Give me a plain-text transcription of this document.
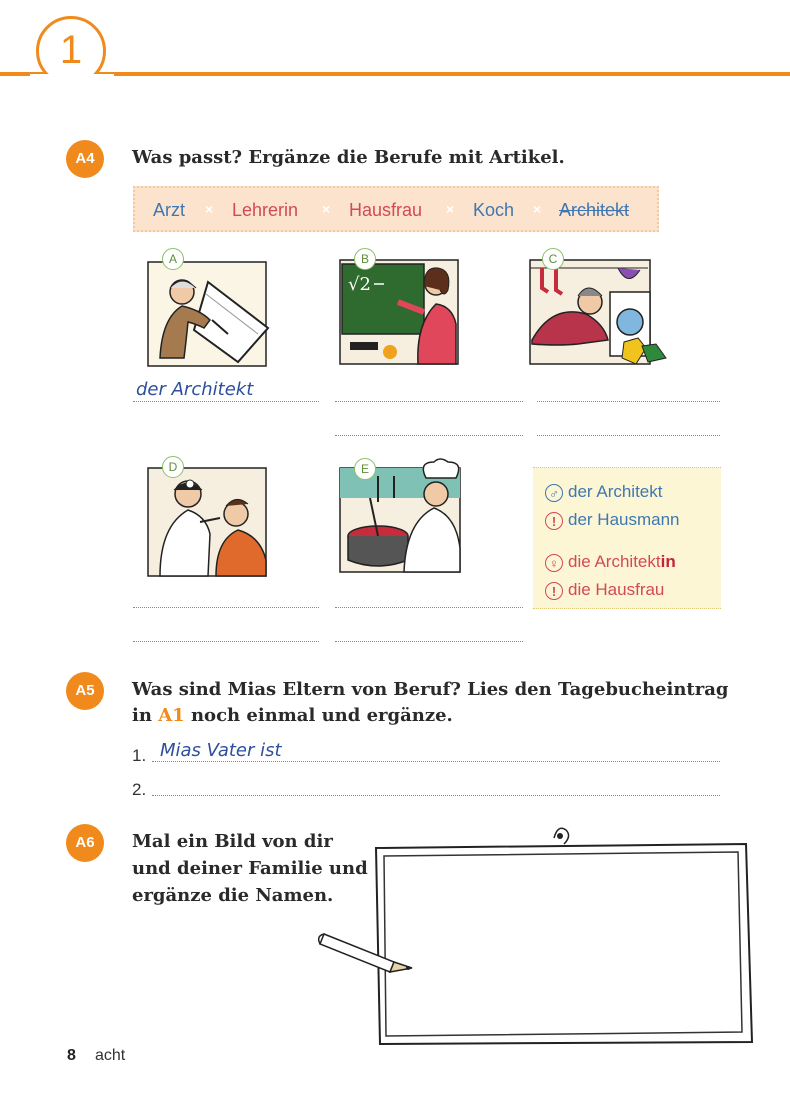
1
A4	Was passt? Ergänze die Berufe mit Artikel.
Arzt × Lehrerin × Hausfrau × Koch × Architekt
A
√2
B	C
der Architekt
D	E
♂ der Architekt
! der Hausmann
♀ die Architektin
! die Hausfrau
A5	Was sind Mias Eltern von Beruf? Lies den Tagebucheintrag
in A1 noch einmal und ergänze.
1. Mias Vater ist
2.
A6	Mal ein Bild von dir
und deiner Familie und
ergänze die Namen.
8 acht
